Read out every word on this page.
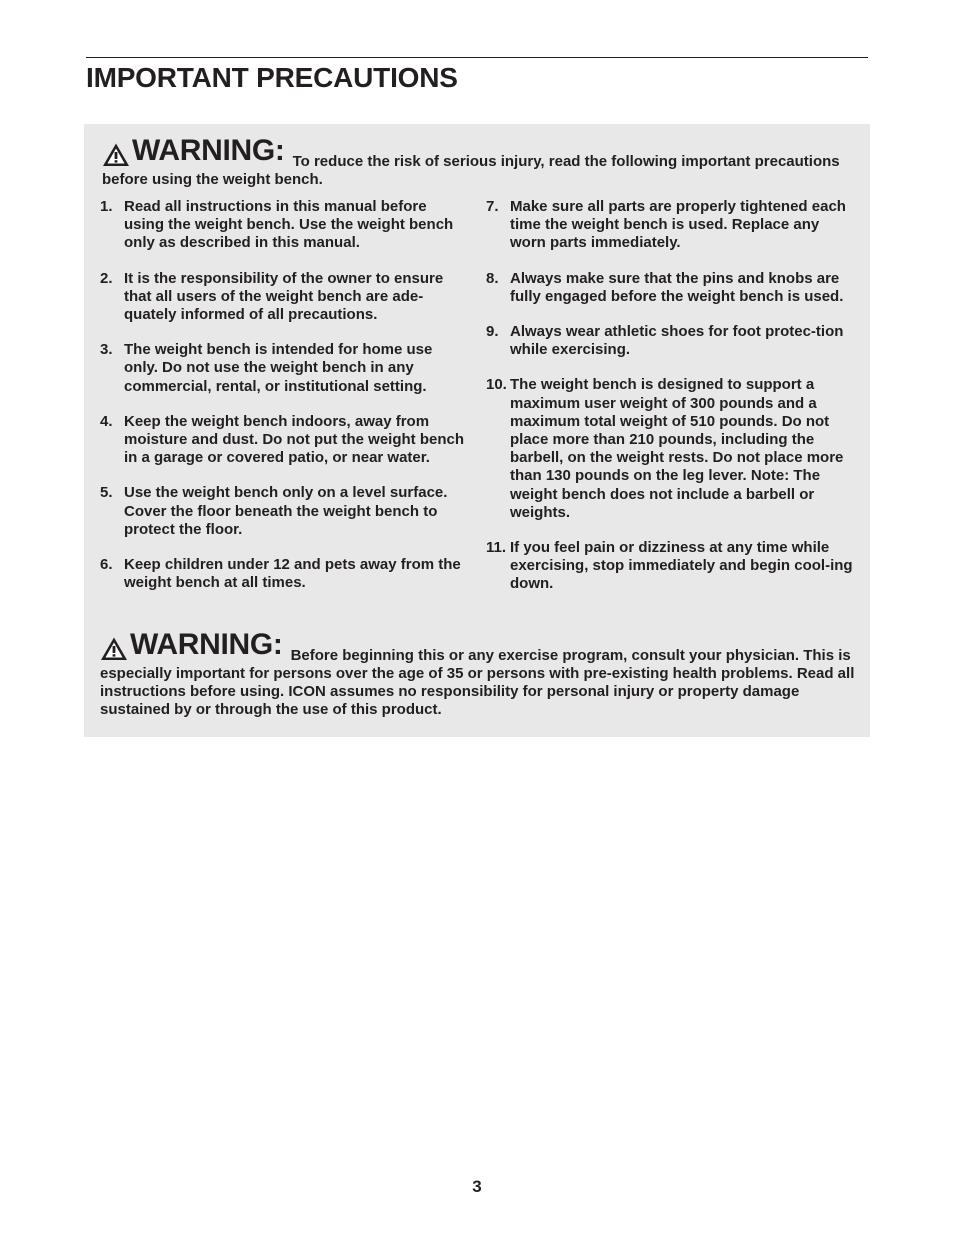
IMPORTANT PRECAUTIONS
WARNING: To reduce the risk of serious injury, read the following important precautions before using the weight bench.
1. Read all instructions in this manual before using the weight bench. Use the weight bench only as described in this manual.
2. It is the responsibility of the owner to ensure that all users of the weight bench are ade-quately informed of all precautions.
3. The weight bench is intended for home use only. Do not use the weight bench in any commercial, rental, or institutional setting.
4. Keep the weight bench indoors, away from moisture and dust. Do not put the weight bench in a garage or covered patio, or near water.
5. Use the weight bench only on a level surface. Cover the floor beneath the weight bench to protect the floor.
6. Keep children under 12 and pets away from the weight bench at all times.
7. Make sure all parts are properly tightened each time the weight bench is used. Replace any worn parts immediately.
8. Always make sure that the pins and knobs are fully engaged before the weight bench is used.
9. Always wear athletic shoes for foot protec-tion while exercising.
10. The weight bench is designed to support a maximum user weight of 300 pounds and a maximum total weight of 510 pounds. Do not place more than 210 pounds, including the barbell, on the weight rests. Do not place more than 130 pounds on the leg lever. Note: The weight bench does not include a barbell or weights.
11. If you feel pain or dizziness at any time while exercising, stop immediately and begin cool-ing down.
WARNING: Before beginning this or any exercise program, consult your physician. This is especially important for persons over the age of 35 or persons with pre-existing health problems. Read all instructions before using. ICON assumes no responsibility for personal injury or property damage sustained by or through the use of this product.
3
